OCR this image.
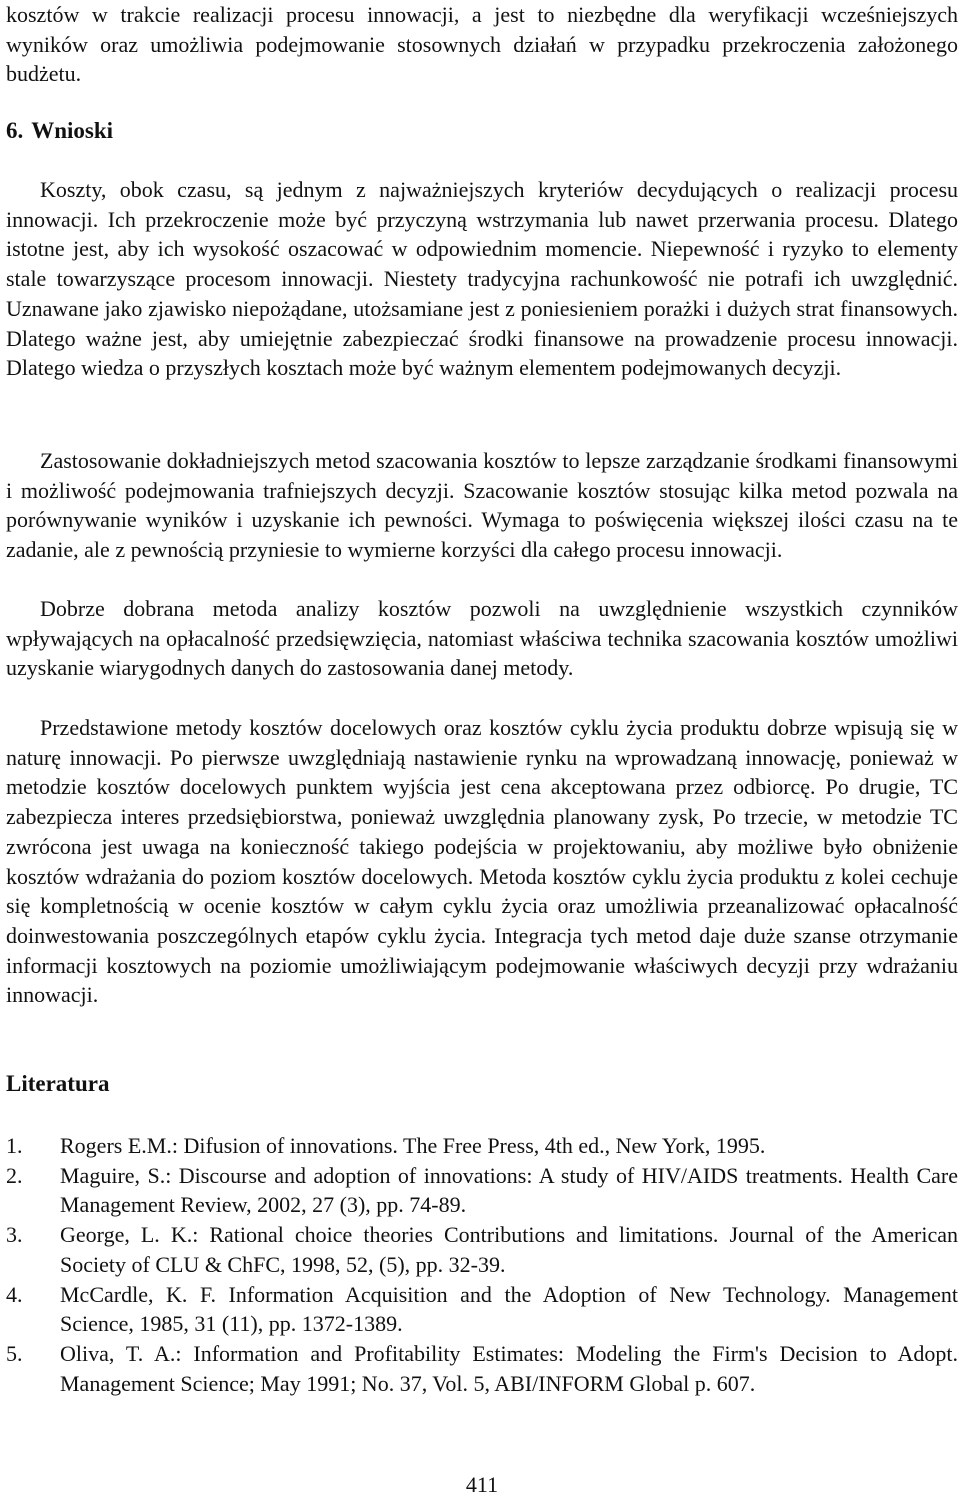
kosztów w trakcie realizacji procesu innowacji, a jest to niezbędne dla weryfikacji wcześniejszych wyników oraz umożliwia podejmowanie stosownych działań w przypadku przekroczenia założonego budżetu.

6. Wnioski

Koszty, obok czasu, są jednym z najważniejszych kryteriów decydujących o realizacji procesu innowacji. Ich przekroczenie może być przyczyną wstrzymania lub nawet przerwania procesu. Dlatego istotne jest, aby ich wysokość oszacować w odpowiednim momencie. Niepewność i ryzyko to elementy stale towarzyszące procesom innowacji. Niestety tradycyjna rachunkowość nie potrafi ich uwzględnić. Uznawane jako zjawisko niepożądane, utożsamiane jest z poniesieniem porażki i dużych strat finansowych. Dlatego ważne jest, aby umiejętnie zabezpieczać środki finansowe na prowadzenie procesu innowacji. Dlatego wiedza o przyszłych kosztach może być ważnym elementem podejmowanych decyzji.

Zastosowanie dokładniejszych metod szacowania kosztów to lepsze zarządzanie środkami finansowymi i możliwość podejmowania trafniejszych decyzji. Szacowanie kosztów stosując kilka metod pozwala na porównywanie wyników i uzyskanie ich pewności. Wymaga to poświęcenia większej ilości czasu na te zadanie, ale z pewnością przyniesie to wymierne korzyści dla całego procesu innowacji.

Dobrze dobrana metoda analizy kosztów pozwoli na uwzględnienie wszystkich czynników wpływających na opłacalność przedsięwzięcia, natomiast właściwa technika szacowania kosztów umożliwi uzyskanie wiarygodnych danych do zastosowania danej metody.

Przedstawione metody kosztów docelowych oraz kosztów cyklu życia produktu dobrze wpisują się w naturę innowacji. Po pierwsze uwzględniają nastawienie rynku na wprowadzaną innowację, ponieważ w metodzie kosztów docelowych punktem wyjścia jest cena akceptowana przez odbiorcę. Po drugie, TC zabezpiecza interes przedsiębiorstwa, ponieważ uwzględnia planowany zysk, Po trzecie, w metodzie TC zwrócona jest uwaga na konieczność takiego podejścia w projektowaniu, aby możliwe było obniżenie kosztów wdrażania do poziom kosztów docelowych. Metoda kosztów cyklu życia produktu z kolei cechuje się kompletnością w ocenie kosztów w całym cyklu życia oraz umożliwia przeanalizować opłacalność doinwestowania poszczególnych etapów cyklu życia. Integracja tych metod daje duże szanse otrzymanie informacji kosztowych na poziomie umożliwiającym podejmowanie właściwych decyzji przy wdrażaniu innowacji.

Literatura
1. Rogers E.M.: Difusion of innovations. The Free Press, 4th ed., New York, 1995.
2. Maguire, S.: Discourse and adoption of innovations: A study of HIV/AIDS treatments. Health Care Management Review, 2002, 27 (3), pp. 74-89.
3. George, L. K.: Rational choice theories Contributions and limitations. Journal of the American Society of CLU & ChFC, 1998, 52, (5), pp. 32-39.
4. McCardle, K. F. Information Acquisition and the Adoption of New Technology. Management Science, 1985, 31 (11), pp. 1372-1389.
5. Oliva, T. A.: Information and Profitability Estimates: Modeling the Firm's Decision to Adopt. Management Science; May 1991; No. 37, Vol. 5, ABI/INFORM Global p. 607.

411
